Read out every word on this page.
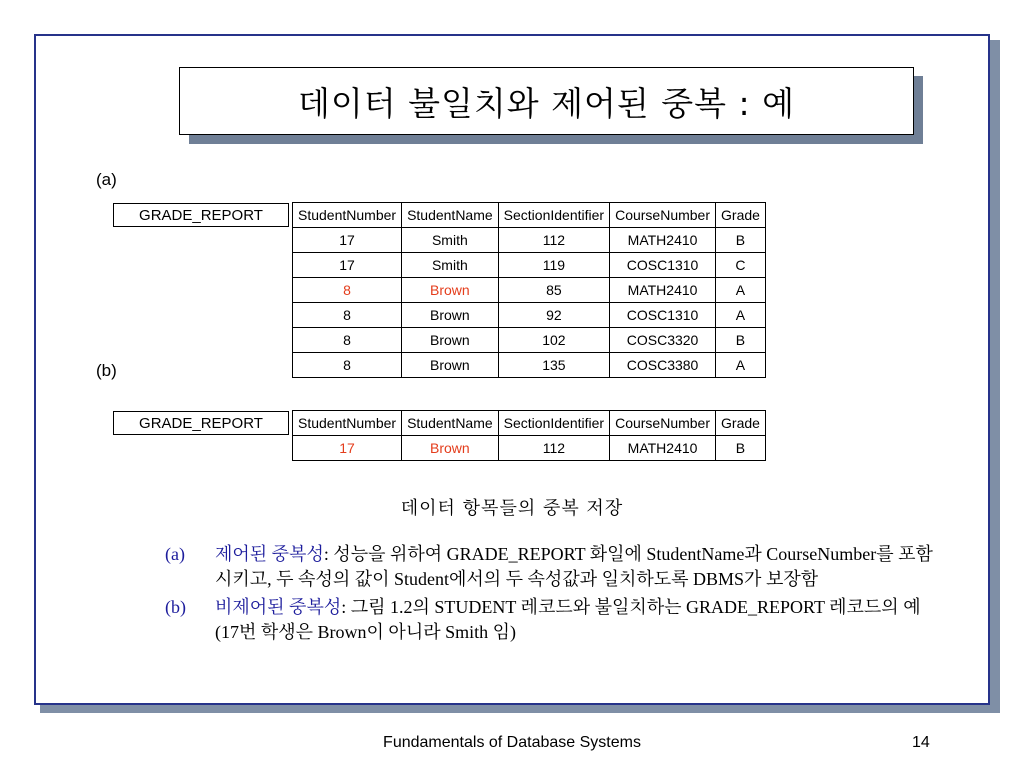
데이터 불일치와 제어된 중복 : 예
(a)
GRADE_REPORT	StudentNumber	StudentName	SectionIdentifier	CourseNumber	Grade
17	Smith	112	MATH2410	B
17	Smith	119	COSC1310	C
8	Brown	85	MATH2410	A
8	Brown	92	COSC1310	A
8	Brown	102	COSC3320	B
8	Brown	135	COSC3380	A
(b)
GRADE_REPORT	StudentNumber	StudentName	SectionIdentifier	CourseNumber	Grade
17	Brown	112	MATH2410	B
데이터 항목들의 중복 저장
(a)	제어된 중복성: 성능을 위하여 GRADE_REPORT 화일에 StudentName과 CourseNumber를 포함시키고, 두 속성의 값이 Student에서의 두 속성값과 일치하도록 DBMS가 보장함
(b)	비제어된 중복성: 그림 1.2의 STUDENT 레코드와 불일치하는 GRADE_REPORT 레코드의 예 (17번 학생은 Brown이 아니라 Smith 임)
Fundamentals of Database Systems	14
